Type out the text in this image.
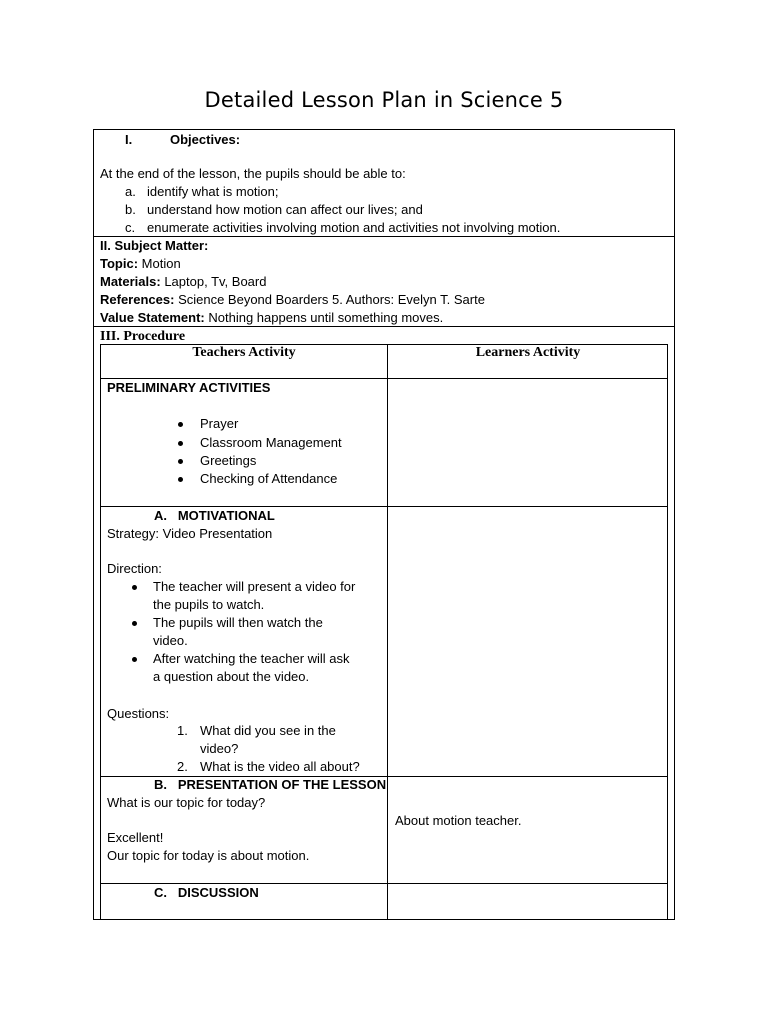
Detailed Lesson Plan in Science 5
I.	Objectives:
At the end of the lesson, the pupils should be able to:
a. identify what is motion;
b. understand how motion can affect our lives; and
c. enumerate activities involving motion and activities not involving motion.
II. Subject Matter:
Topic: Motion
Materials: Laptop, Tv, Board
References: Science Beyond Boarders 5. Authors: Evelyn T. Sarte
Value Statement: Nothing happens until something moves.
III. Procedure
Teachers Activity	Learners Activity
PRELIMINARY ACTIVITIES
Prayer
Classroom Management
Greetings
Checking of Attendance
A.   MOTIVATIONAL
Strategy: Video Presentation
Direction:
The teacher will present a video for
the pupils to watch.
The pupils will then watch the
video.
After watching the teacher will ask
a question about the video.
Questions:
1. What did you see in the
video?
2. What is the video all about?
B.   PRESENTATION OF THE LESSON
What is our topic for today?
Excellent!
Our topic for today is about motion.
About motion teacher.
C.   DISCUSSION
